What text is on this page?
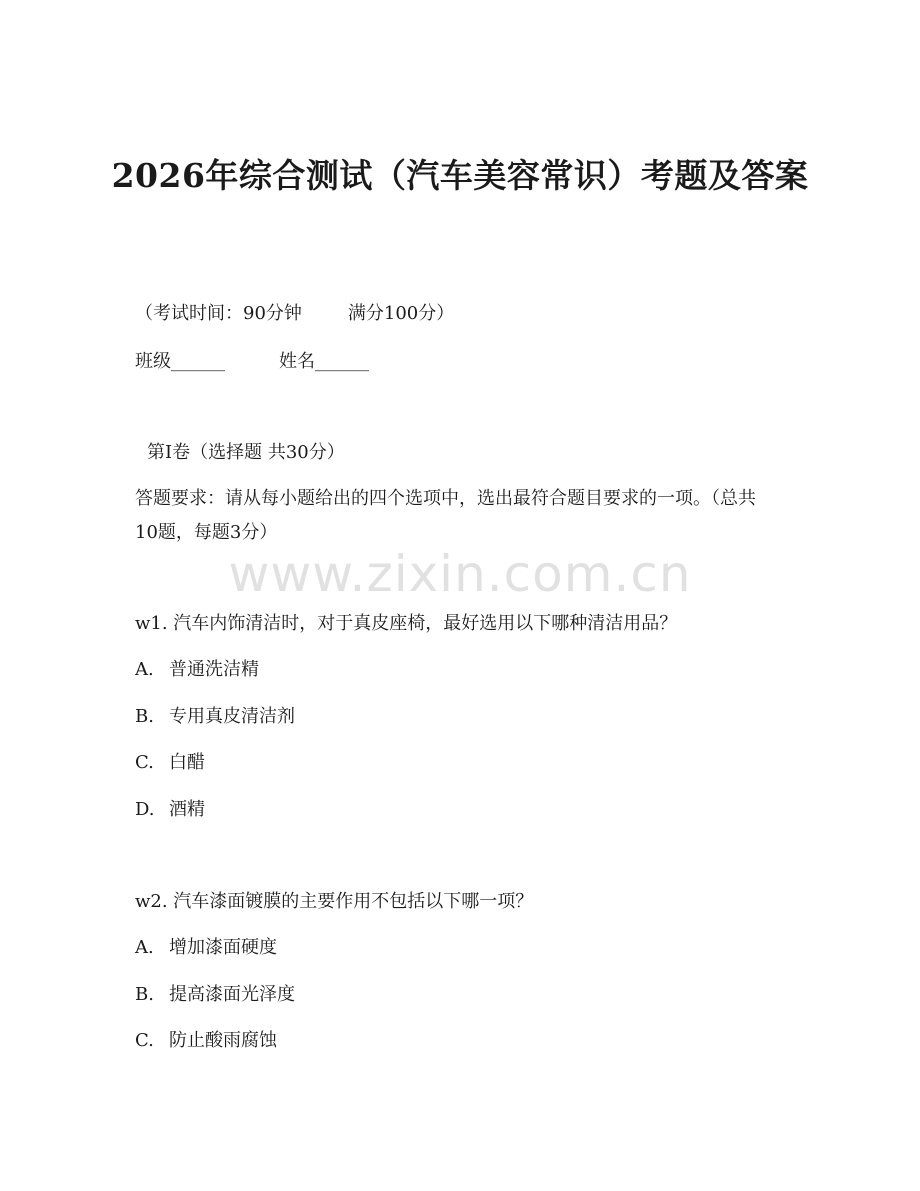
2026年综合测试（汽车美容常识）考题及答案
（考试时间：90分钟	满分100分）
班级______	姓名______
第I卷（选择题 共30分）
答题要求：请从每小题给出的四个选项中，选出最符合题目要求的一项。（总共10题，每题3分）
www.zixin.com.cn
w1. 汽车内饰清洁时，对于真皮座椅，最好选用以下哪种清洁用品？
A. 普通洗洁精
B. 专用真皮清洁剂
C. 白醋
D. 酒精
w2. 汽车漆面镀膜的主要作用不包括以下哪一项？
A. 增加漆面硬度
B. 提高漆面光泽度
C. 防止酸雨腐蚀
